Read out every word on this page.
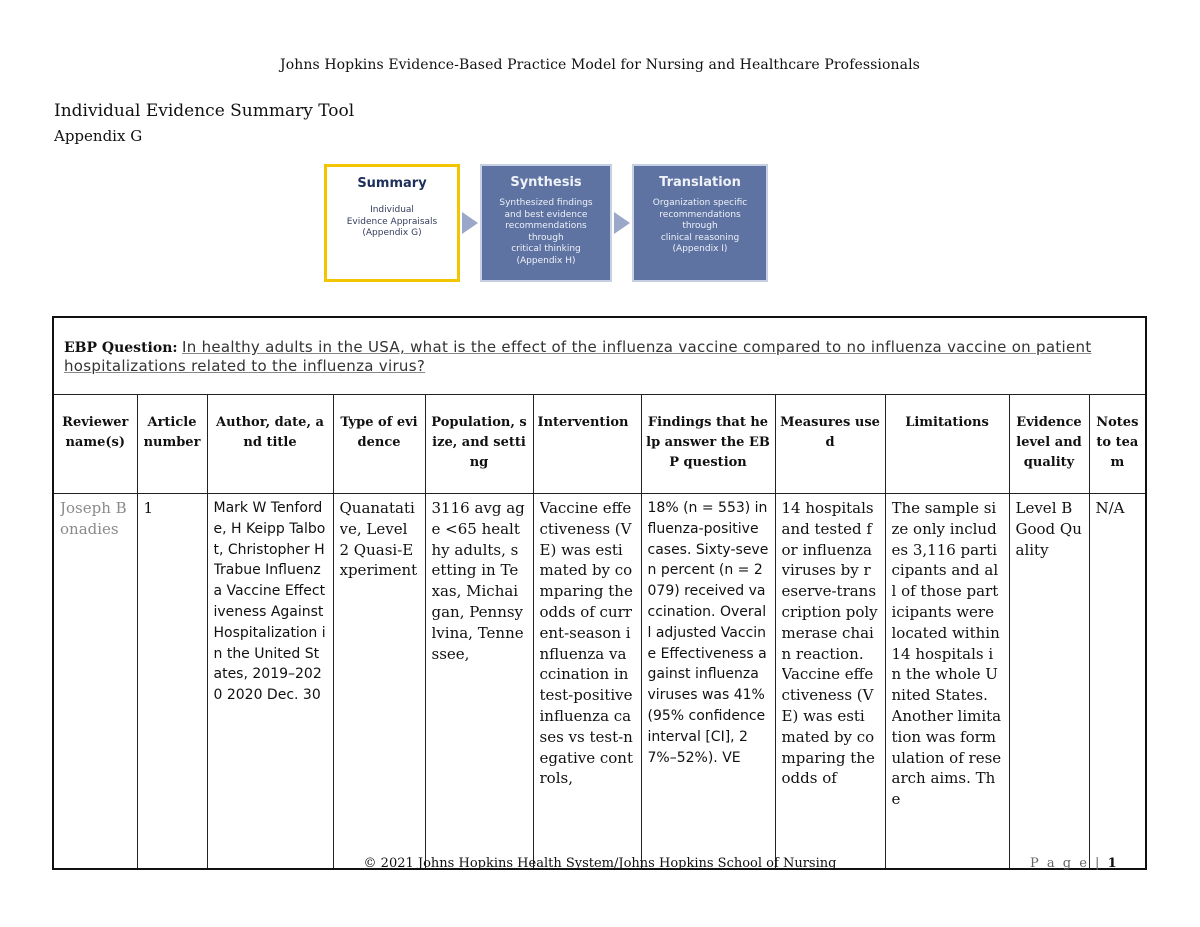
Johns Hopkins Evidence-Based Practice Model for Nursing and Healthcare Professionals
Individual Evidence Summary Tool
Appendix G
Summary
Individual
Evidence Appraisals
(Appendix G)
Synthesis
Synthesized findings
and best evidence
recommendations
through
critical thinking
(Appendix H)
Translation
Organization specific
recommendations
through
clinical reasoning
(Appendix I)
EBP Question: In healthy adults in the USA, what is the effect of the influenza vaccine compared to no influenza vaccine on patient hospitalizations related to the influenza virus?										
Reviewer name(s)	Article number	Author, date, and title	Type of evidence	Population, size, and setting	Intervention	Findings that help answer the EBP question	Measures used	Limitations	Evidence level and quality	Notes to team

Joseph Bonadies	1	Mark W Tenforde, H Keipp Talbot, Christopher H Trabue Influenza Vaccine Effectiveness Against Hospitalization in the United States, 2019–2020 2020 Dec. 30	Quanatative, Level 2 Quasi-Experiment	3116 avg age <65 healthy adults, setting in Texas, Michaigan, Pennsylvina, Tennessee,	Vaccine effectiveness (VE) was estimated by comparing the odds of current-season influenza vaccination in test-positive influenza cases vs test-negative controls,	18% (n = 553) influenza-positive cases. Sixty-seven percent (n = 2079) received vaccination. Overall adjusted Vaccine Effectiveness against influenza viruses was 41% (95% confidence interval [CI], 27%–52%). VE	14 hospitals and tested for influenza viruses by reserve-transcription polymerase chain reaction. Vaccine effectiveness (VE) was estimated by comparing the odds of	The sample size only includes 3,116 participants and all of those participants were located within 14 hospitals in the whole United States. Another limitation was formulation of research aims. The	Level B Good Quality	N/A
© 2021 Johns Hopkins Health System/Johns Hopkins School of Nursing	P a g e | 1
